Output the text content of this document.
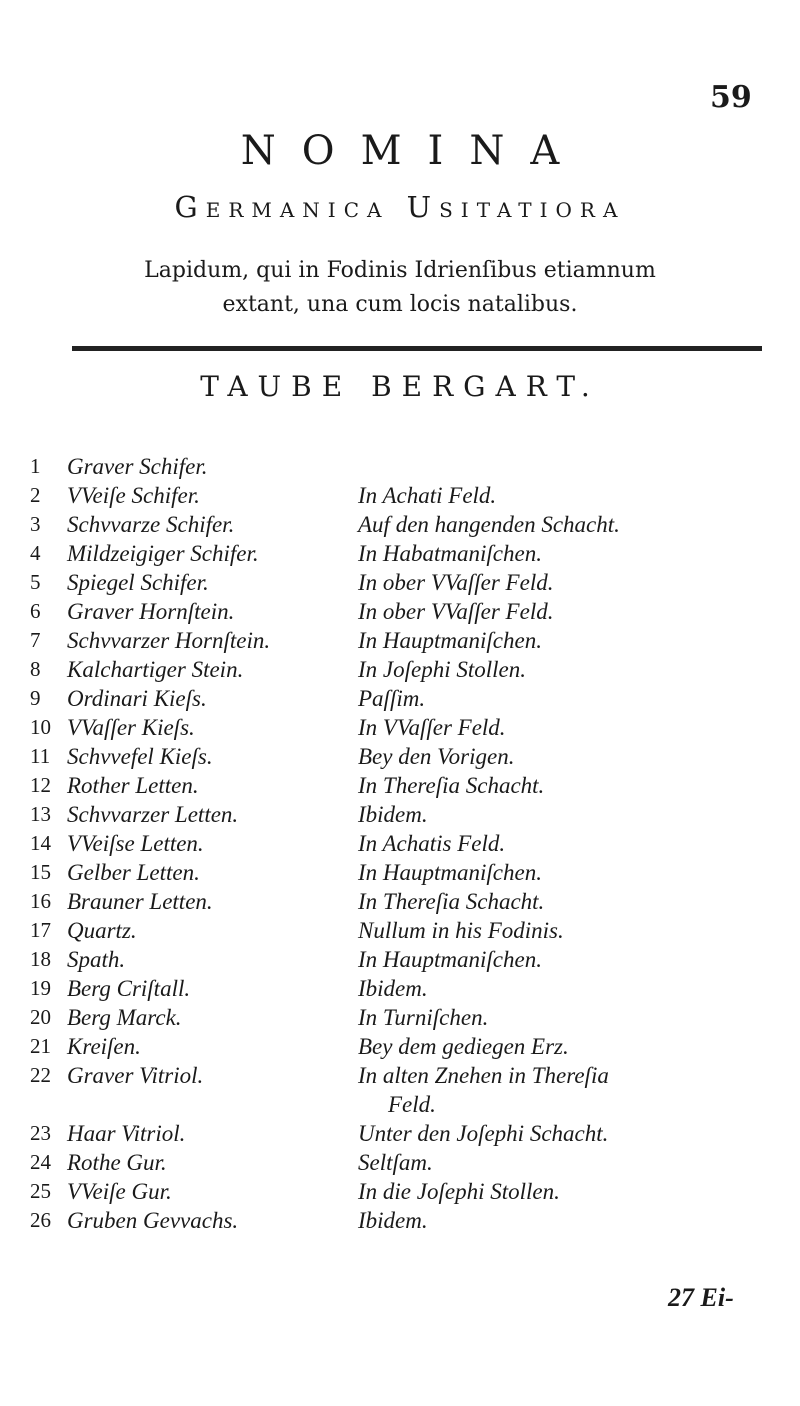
59
NOMINA
Germanica Usitatiora
Lapidum, qui in Fodinis Idrienſibus etiamnum
extant, una cum locis natalibus.
TAUBE BERGART.
1	Graver Schifer.
2	VVeiſe Schifer.	In Achati Feld.
3	Schvvarze Schifer.	Auf den hangenden Schacht.
4	Mildzeigiger Schifer.	In Habatmaniſchen.
5	Spiegel Schifer.	In ober VVaſſer Feld.
6	Graver Hornſtein.	In ober VVaſſer Feld.
7	Schvvarzer Hornſtein.	In Hauptmaniſchen.
8	Kalchartiger Stein.	In Joſephi Stollen.
9	Ordinari Kieſs.	Paſſim.
10 VVaſſer Kieſs.	In VVaſſer Feld.
11 Schvvefel Kieſs.	Bey den Vorigen.
12 Rother Letten.	In Thereſia Schacht.
13 Schvvarzer Letten.	Ibidem.
14 VVeiſse Letten.	In Achatis Feld.
15 Gelber Letten.	In Hauptmaniſchen.
16 Brauner Letten.	In Thereſia Schacht.
17 Quartz.	Nullum in his Fodinis.
18 Spath.	In Hauptmaniſchen.
19 Berg Criſtall.	Ibidem.
20 Berg Marck.	In Turniſchen.
21 Kreiſen.	Bey dem gediegen Erz.
22 Graver Vitriol.	In alten Znehen in Thereſia
Feld.
23 Haar Vitriol.	Unter den Joſephi Schacht.
24 Rothe Gur.	Seltſam.
25 VVeiſe Gur.	In die Joſephi Stollen.
26 Gruben Gevvachs.	Ibidem.
27 Ei-
